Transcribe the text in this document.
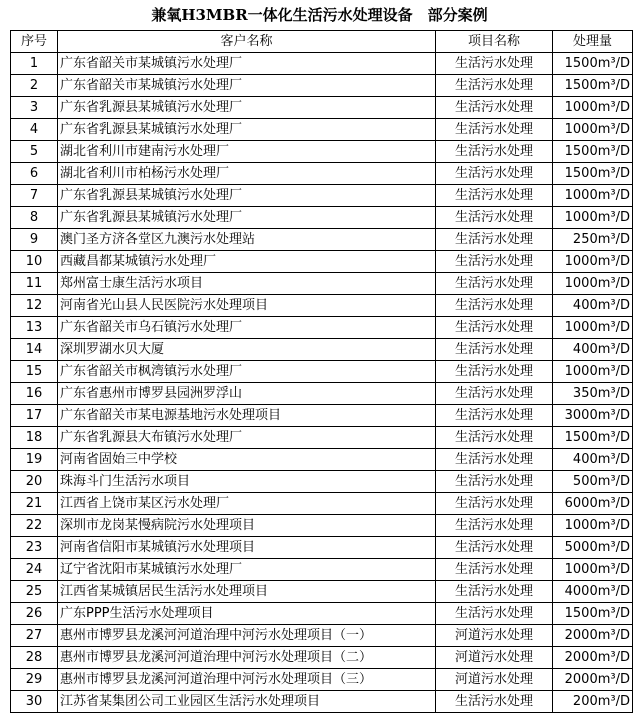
兼氧H3MBR一体化生活污水处理设备　部分案例
序号	客户名称	项目名称	处理量
1	广东省韶关市某城镇污水处理厂	生活污水处理	1500m³/D
2	广东省韶关市某城镇污水处理厂	生活污水处理	1500m³/D
3	广东省乳源县某城镇污水处理厂	生活污水处理	1000m³/D
4	广东省乳源县某城镇污水处理厂	生活污水处理	1000m³/D
5	湖北省利川市建南污水处理厂	生活污水处理	1500m³/D
6	湖北省利川市柏杨污水处理厂	生活污水处理	1500m³/D
7	广东省乳源县某城镇污水处理厂	生活污水处理	1000m³/D
8	广东省乳源县某城镇污水处理厂	生活污水处理	1000m³/D
9	澳门圣方济各堂区九澳污水处理站	生活污水处理	250m³/D
10	西藏昌都某城镇污水处理厂	生活污水处理	1000m³/D
11	郑州富士康生活污水项目	生活污水处理	1000m³/D
12	河南省光山县人民医院污水处理项目	生活污水处理	400m³/D
13	广东省韶关市乌石镇污水处理厂	生活污水处理	1000m³/D
14	深圳罗湖水贝大厦	生活污水处理	400m³/D
15	广东省韶关市枫湾镇污水处理厂	生活污水处理	1000m³/D
16	广东省惠州市博罗县园洲罗浮山	生活污水处理	350m³/D
17	广东省韶关市某电源基地污水处理项目	生活污水处理	3000m³/D
18	广东省乳源县大布镇污水处理厂	生活污水处理	1500m³/D
19	河南省固始三中学校	生活污水处理	400m³/D
20	珠海斗门生活污水项目	生活污水处理	500m³/D
21	江西省上饶市某区污水处理厂	生活污水处理	6000m³/D
22	深圳市龙岗某慢病院污水处理项目	生活污水处理	1000m³/D
23	河南省信阳市某城镇污水处理项目	生活污水处理	5000m³/D
24	辽宁省沈阳市某城镇污水处理厂	生活污水处理	1000m³/D
25	江西省某城镇居民生活污水处理项目	生活污水处理	4000m³/D
26	广东PPP生活污水处理项目	生活污水处理	1500m³/D
27	惠州市博罗县龙溪河河道治理中河污水处理项目（一）	河道污水处理	2000m³/D
28	惠州市博罗县龙溪河河道治理中河污水处理项目（二）	河道污水处理	2000m³/D
29	惠州市博罗县龙溪河河道治理中河污水处理项目（三）	河道污水处理	2000m³/D
30	江苏省某集团公司工业园区生活污水处理项目	生活污水处理	200m³/D
